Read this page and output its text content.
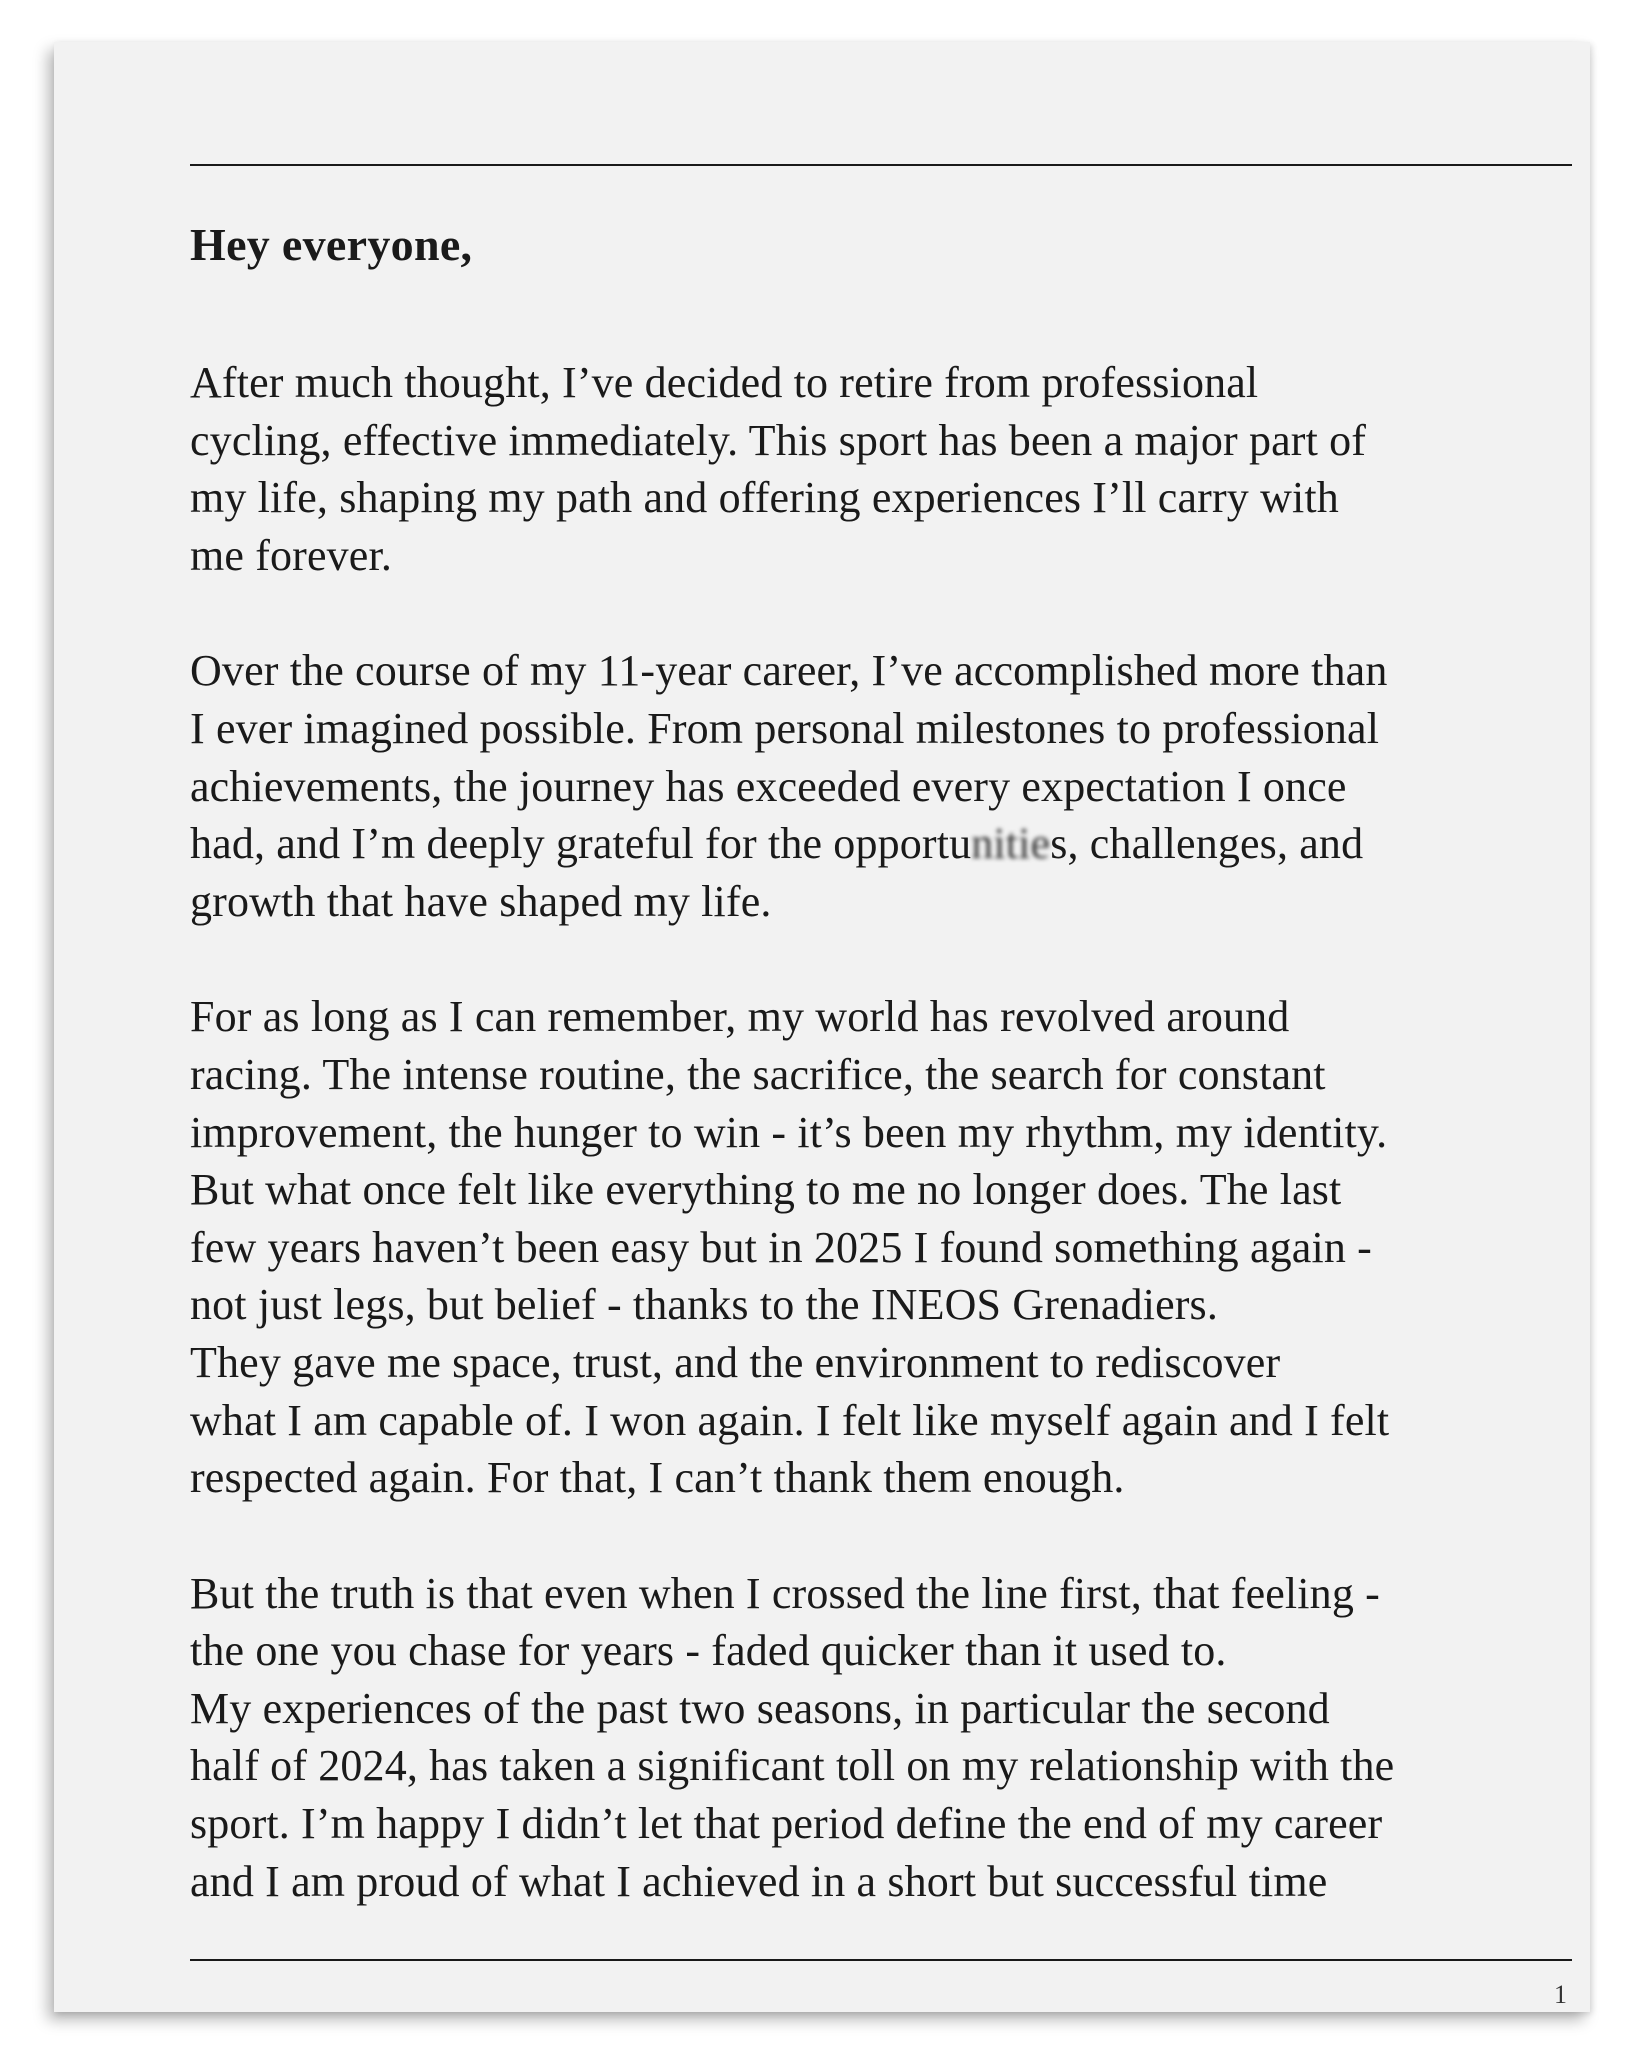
Hey everyone,

After much thought, I’ve decided to retire from professional
cycling, effective immediately. This sport has been a major part of
my life, shaping my path and offering experiences I’ll carry with
me forever.

Over the course of my 11-year career, I’ve accomplished more than
I ever imagined possible. From personal milestones to professional
achievements, the journey has exceeded every expectation I once
had, and I’m deeply grateful for the opportunities, challenges, and
growth that have shaped my life.

For as long as I can remember, my world has revolved around
racing. The intense routine, the sacrifice, the search for constant
improvement, the hunger to win - it’s been my rhythm, my identity.
But what once felt like everything to me no longer does. The last
few years haven’t been easy but in 2025 I found something again -
not just legs, but belief - thanks to the INEOS Grenadiers.
They gave me space, trust, and the environment to rediscover
what I am capable of. I won again. I felt like myself again and I felt
respected again. For that, I can’t thank them enough.

But the truth is that even when I crossed the line first, that feeling -
the one you chase for years - faded quicker than it used to.
My experiences of the past two seasons, in particular the second
half of 2024, has taken a significant toll on my relationship with the
sport. I’m happy I didn’t let that period define the end of my career
and I am proud of what I achieved in a short but successful time

1
